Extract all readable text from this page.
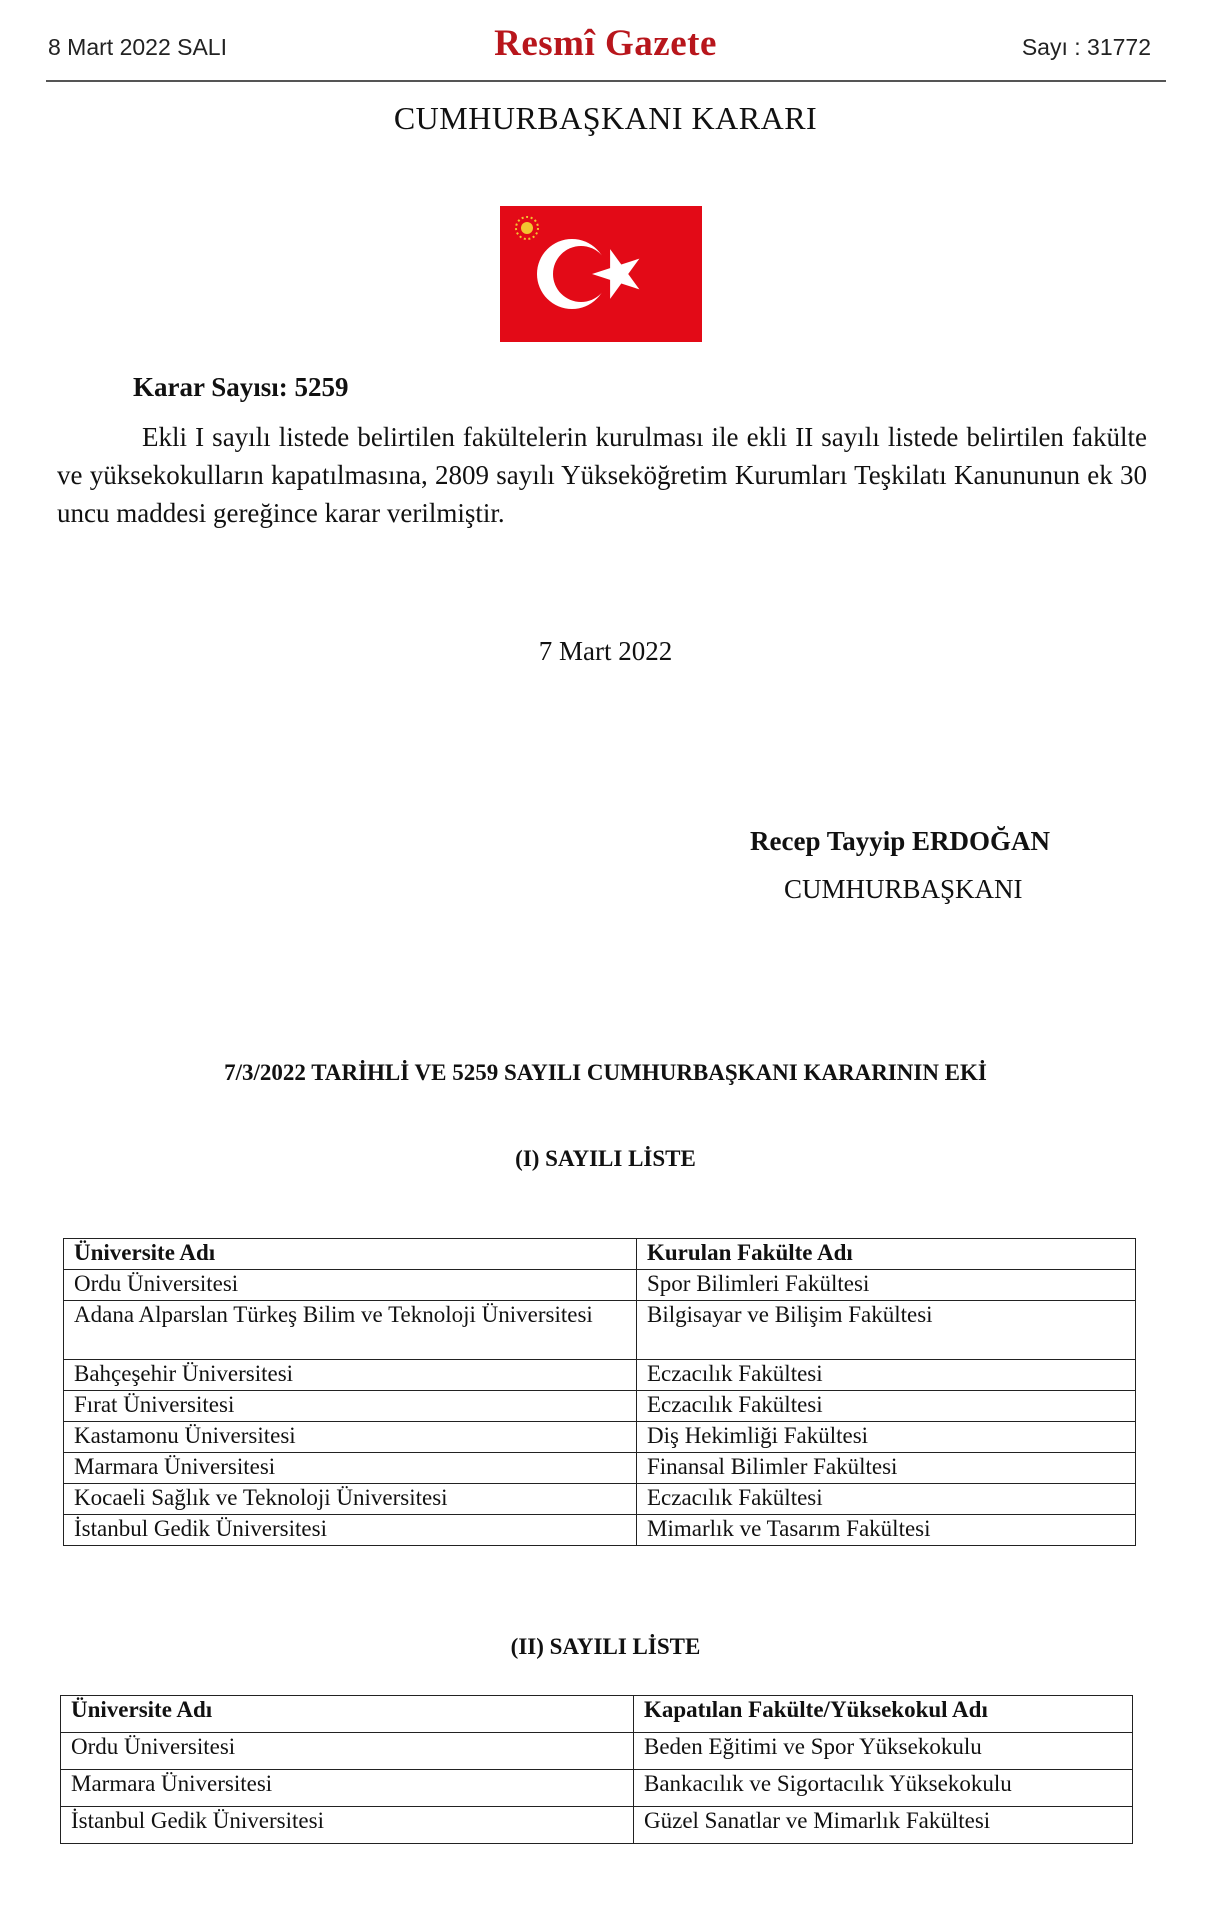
8 Mart 2022 SALI	Resmî Gazete	Sayı : 31772
CUMHURBAŞKANI KARARI
Karar Sayısı: 5259
Ekli I sayılı listede belirtilen fakültelerin kurulması ile ekli II sayılı listede belirtilen fakülte ve yüksekokulların kapatılmasına, 2809 sayılı Yükseköğretim Kurumları Teşkilatı Kanununun ek 30 uncu maddesi gereğince karar verilmiştir.
7 Mart 2022
Recep Tayyip ERDOĞAN
CUMHURBAŞKANI
7/3/2022 TARİHLİ VE 5259 SAYILI CUMHURBAŞKANI KARARININ EKİ
(I) SAYILI LİSTE
Üniversite Adı	Kurulan Fakülte Adı
Ordu Üniversitesi	Spor Bilimleri Fakültesi
Adana Alparslan Türkeş Bilim ve Teknoloji Üniversitesi	Bilgisayar ve Bilişim Fakültesi
Bahçeşehir Üniversitesi	Eczacılık Fakültesi
Fırat Üniversitesi	Eczacılık Fakültesi
Kastamonu Üniversitesi	Diş Hekimliği Fakültesi
Marmara Üniversitesi	Finansal Bilimler Fakültesi
Kocaeli Sağlık ve Teknoloji Üniversitesi	Eczacılık Fakültesi
İstanbul Gedik Üniversitesi	Mimarlık ve Tasarım Fakültesi
(II) SAYILI LİSTE
Üniversite Adı	Kapatılan Fakülte/Yüksekokul Adı
Ordu Üniversitesi	Beden Eğitimi ve Spor Yüksekokulu
Marmara Üniversitesi	Bankacılık ve Sigortacılık Yüksekokulu
İstanbul Gedik Üniversitesi	Güzel Sanatlar ve Mimarlık Fakültesi
